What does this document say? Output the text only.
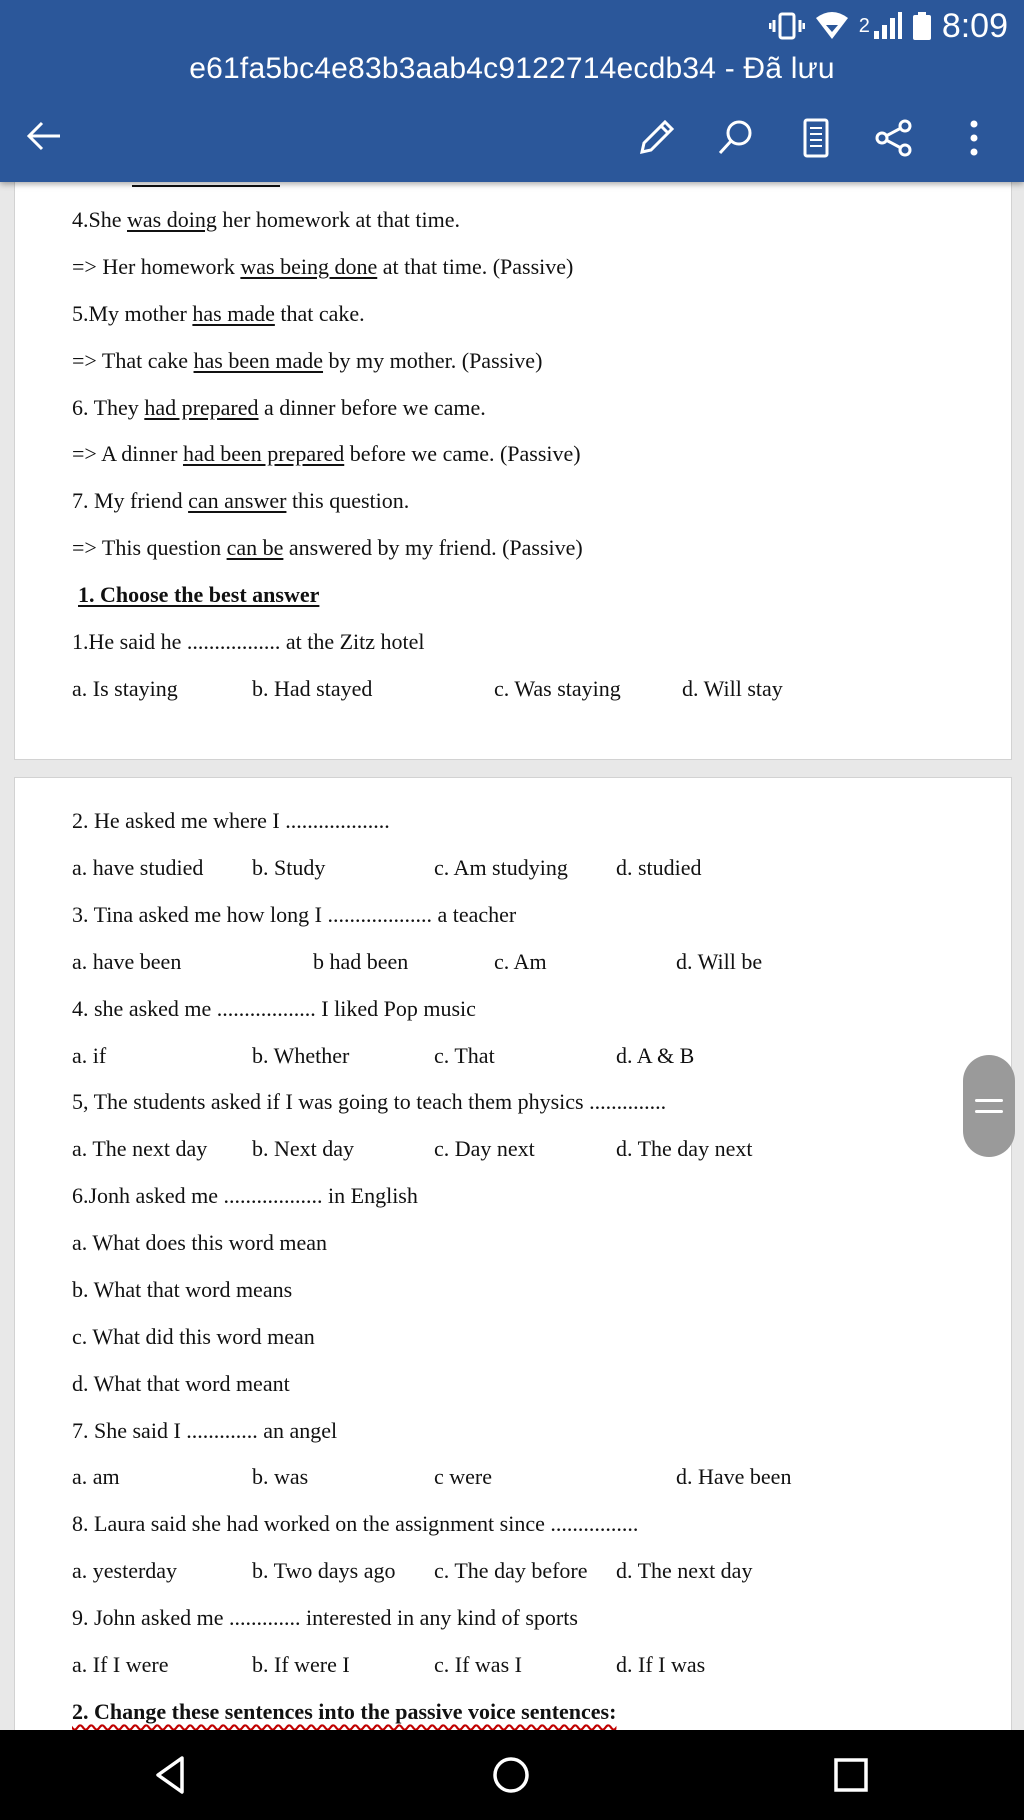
2 8:09
e61fa5bc4e83b3aab4c9122714ecdb34 - Đã lưu
4.She was doing her homework at that time.
=> Her homework was being done at that time. (Passive)
5.My mother has made that cake.
=> That cake has been made by my mother. (Passive)
6. They had prepared a dinner before we came.
=> A dinner had been prepared before we came. (Passive)
7. My friend can answer this question.
=> This question can be answered by my friend. (Passive)
1. Choose the best answer
1.He said he ................. at the Zitz hotel
a. Is staying	b. Had stayed	c. Was staying	d. Will stay
2. He asked me where I ...................
a. have studied b. Study	c. Am studying d. studied
3. Tina asked me how long I ................... a teacher
a. have been	b had been	c. Am	d. Will be
4. she asked me .................. I liked Pop music
a. if	b. Whether	c. That	d. A & B
5, The students asked if I was going to teach them physics ..............
a. The next day b. Next day	c. Day next	d. The day next
6.Jonh asked me .................. in English
a. What does this word mean
b. What that word means
c. What did this word mean
d. What that word meant
7. She said I ............. an angel
a. am	b. was	c were	d. Have been
8. Laura said she had worked on the assignment since ................
a. yesterday	b. Two days ago c. The day before d. The next day
9. John asked me ............. interested in any kind of sports
a. If I were	b. If were I	c. If was I	d. If I was
2. Change these sentences into the passive voice sentences:
